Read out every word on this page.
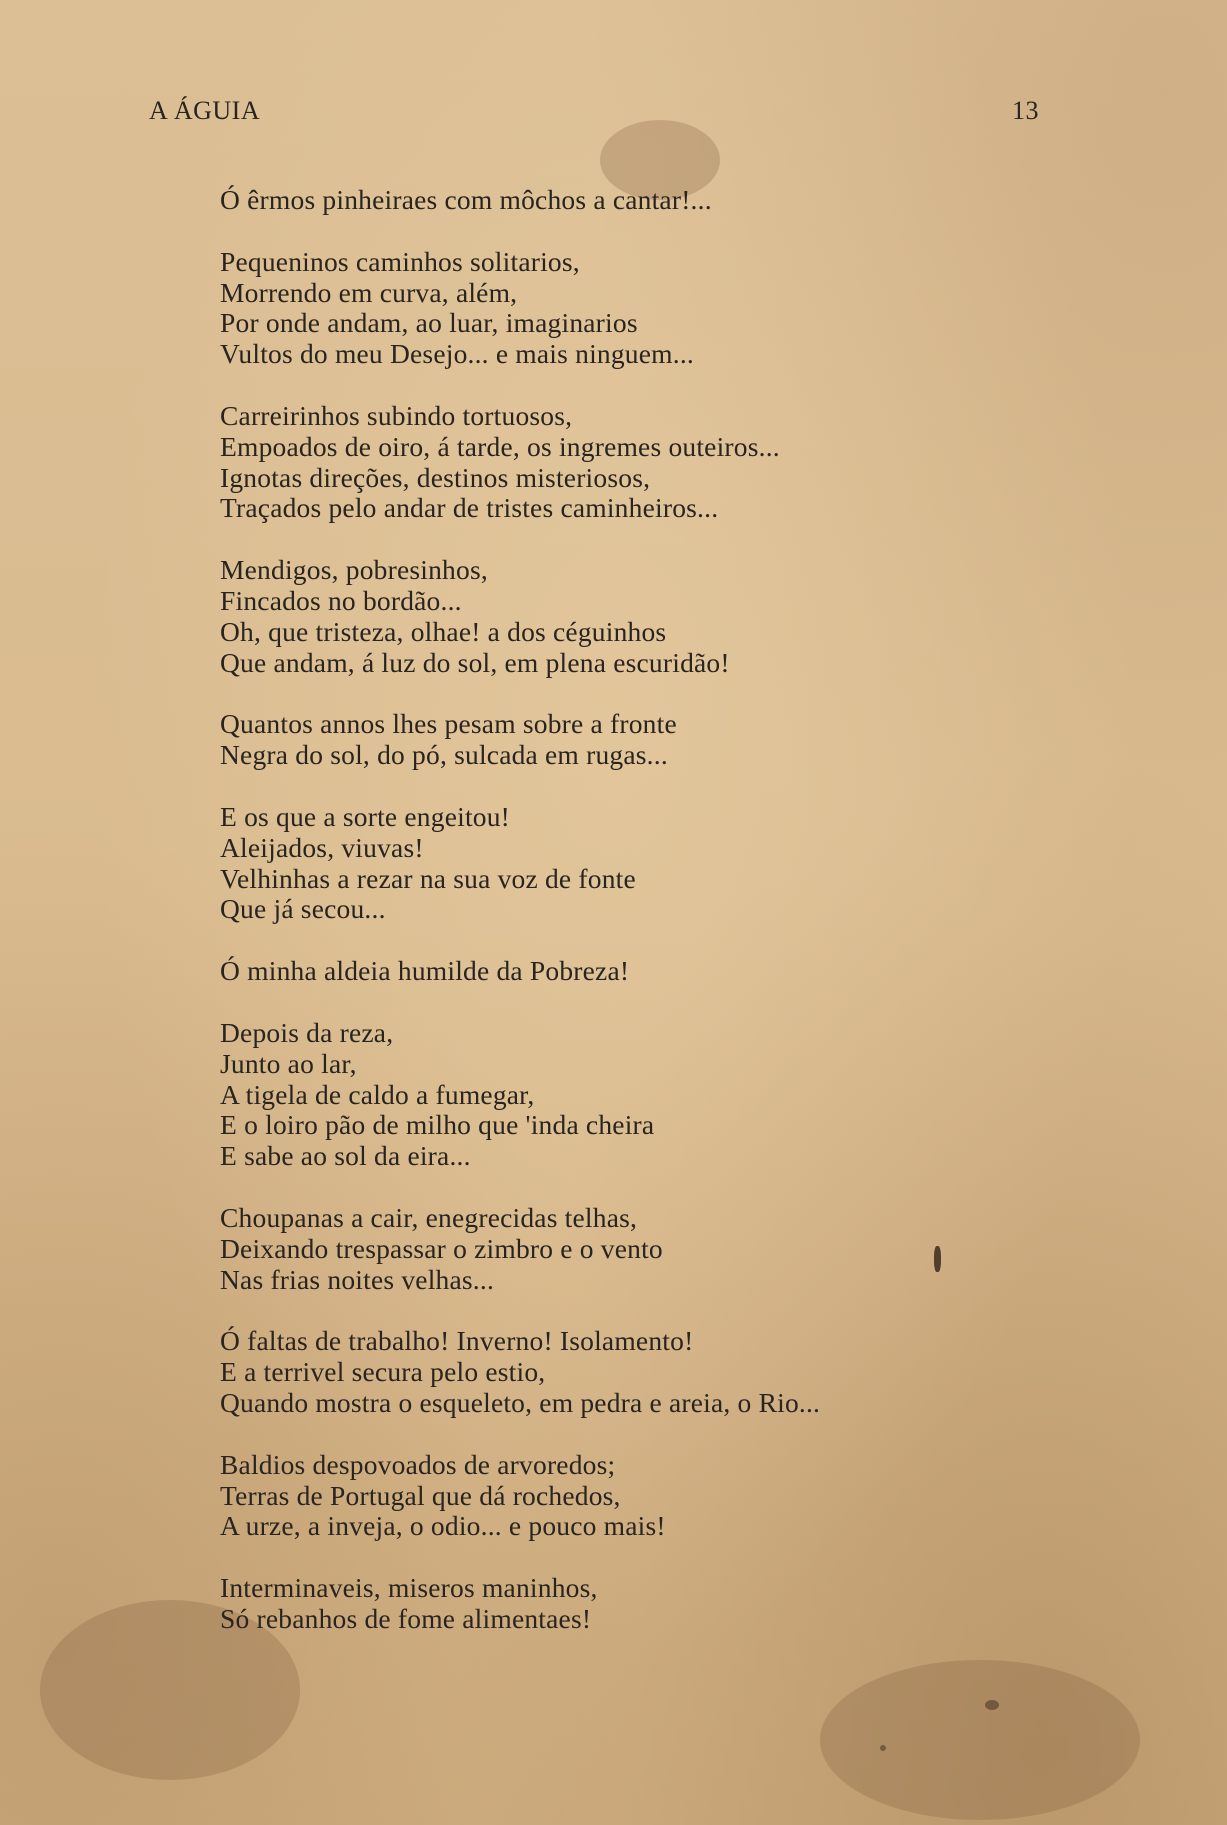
A ÁGUIA	13
Ó êrmos pinheiraes com môchos a cantar!...
Pequeninos caminhos solitarios,
Morrendo em curva, além,
Por onde andam, ao luar, imaginarios
Vultos do meu Desejo... e mais ninguem...
Carreirinhos subindo tortuosos,
Empoados de oiro, á tarde, os ingremes outeiros...
Ignotas direções, destinos misteriosos,
Traçados pelo andar de tristes caminheiros...
Mendigos, pobresinhos,
Fincados no bordão...
Oh, que tristeza, olhae! a dos céguinhos
Que andam, á luz do sol, em plena escuridão!
Quantos annos lhes pesam sobre a fronte
Negra do sol, do pó, sulcada em rugas...
E os que a sorte engeitou!
Aleijados, viuvas!
Velhinhas a rezar na sua voz de fonte
Que já secou...
Ó minha aldeia humilde da Pobreza!
Depois da reza,
Junto ao lar,
A tigela de caldo a fumegar,
E o loiro pão de milho que 'inda cheira
E sabe ao sol da eira...
Choupanas a cair, enegrecidas telhas,
Deixando trespassar o zimbro e o vento
Nas frias noites velhas...
Ó faltas de trabalho! Inverno! Isolamento!
E a terrivel secura pelo estio,
Quando mostra o esqueleto, em pedra e areia, o Rio...
Baldios despovoados de arvoredos;
Terras de Portugal que dá rochedos,
A urze, a inveja, o odio... e pouco mais!
Interminaveis, miseros maninhos,
Só rebanhos de fome alimentaes!
